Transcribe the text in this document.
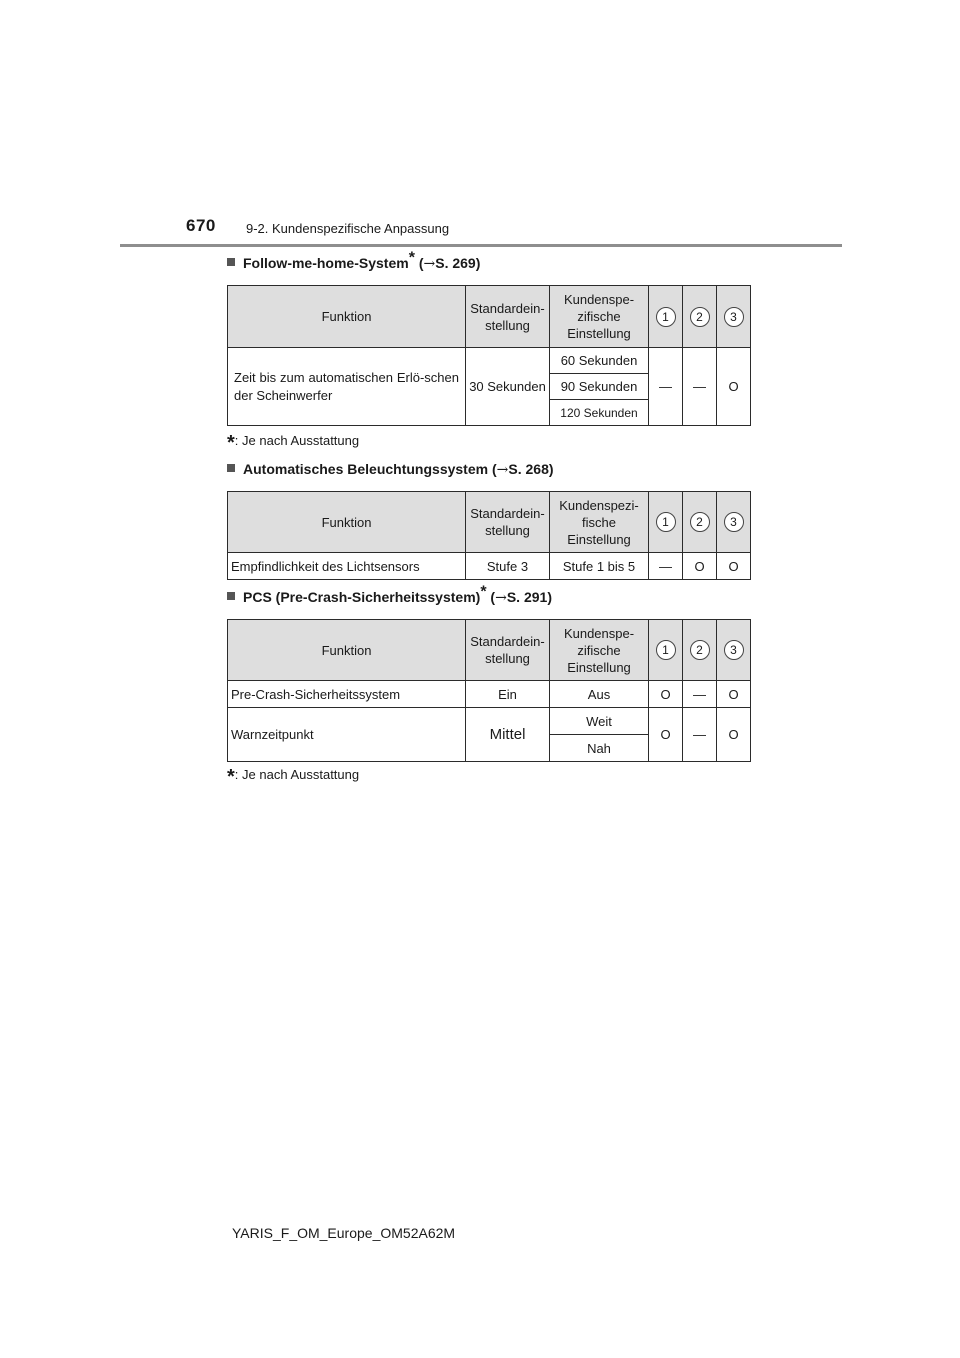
670 9-2. Kundenspezifische Anpassung
Follow-me-home-System* (→S. 269)
Funktion	Standardein-stellung	Kundenspe-zifische Einstellung	1	2	3
Zeit bis zum automatischen Erlö-schen der Scheinwerfer	30 Sekunden	60 Sekunden	—	—	O
		90 Sekunden			
		120 Sekunden			
*: Je nach Ausstattung
Automatisches Beleuchtungssystem (→S. 268)
Funktion	Standardein-stellung	Kundenspezi-fische Einstellung	1	2	3
Empfindlichkeit des Lichtsensors	Stufe 3	Stufe 1 bis 5	—	O	O
PCS (Pre-Crash-Sicherheitssystem)* (→S. 291)
Funktion	Standardein-stellung	Kundenspe-zifische Einstellung	1	2	3
Pre-Crash-Sicherheitssystem	Ein	Aus	O	—	O
Warnzeitpunkt	Mittel	Weit	O	—	O
		Nah			
*: Je nach Ausstattung
YARIS_F_OM_Europe_OM52A62M
